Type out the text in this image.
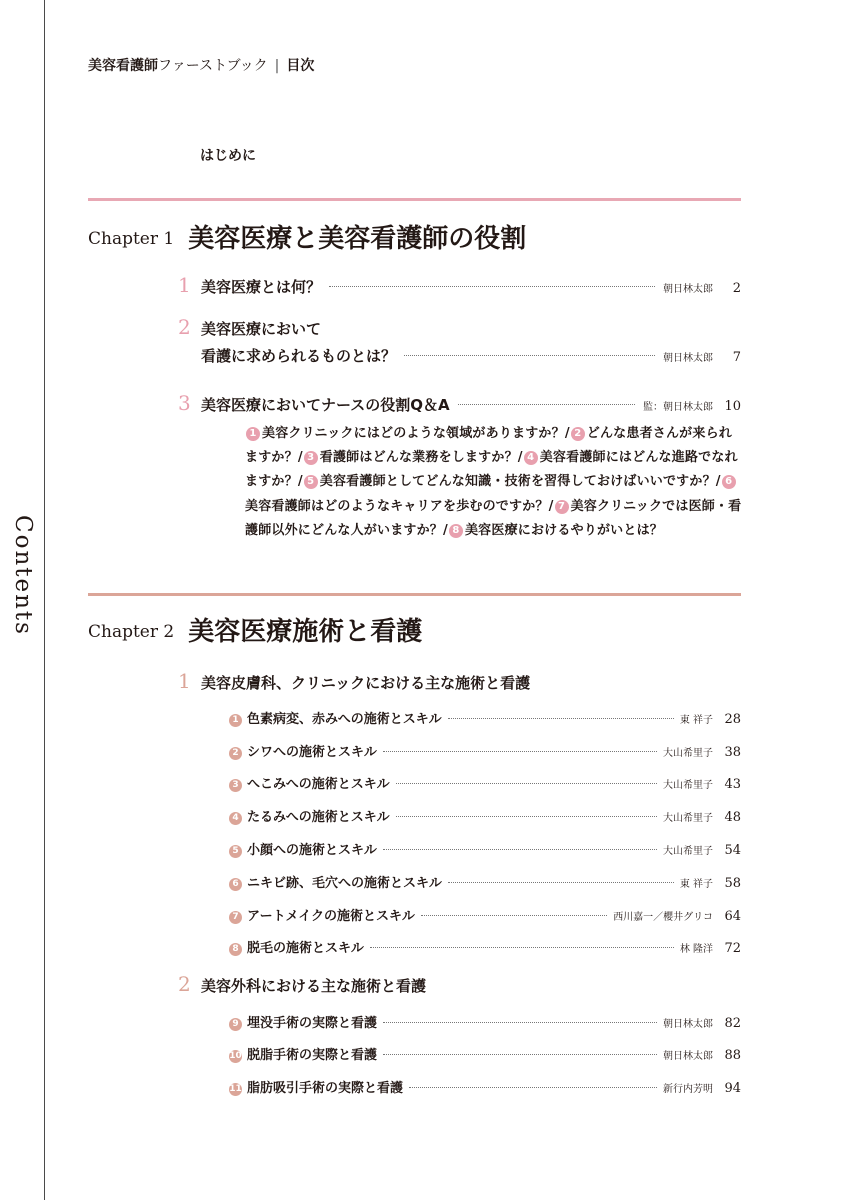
Contents
美容看護師ファーストブック | 目次
はじめに
Chapter 1 美容医療と美容看護師の役割
1 美容医療とは何？	朝日林太郎	2
2 美容医療において
看護に求められるものとは？	朝日林太郎	7
3 美容医療においてナースの役割Q＆A	監：朝日林太郎 10
1 美容クリニックにはどのような領域がありますか？/ 2 どんな患者さんが来られますか？/ 3 看護師はどんな業務をしますか？/ 4 美容看護師にはどんな進路でなれますか？/ 5 美容看護師としてどんな知識・技術を習得しておけばいいですか？/ 6美容看護師はどのようなキャリアを歩むのですか？/ 7 美容クリニックでは医師・看護師以外にどんな人がいますか？/ 8 美容医療におけるやりがいとは？
Chapter 2 美容医療施術と看護
1 美容皮膚科、クリニックにおける主な施術と看護
1 色素病変、赤みへの施術とスキル	東 祥子 28
2 シワへの施術とスキル	大山希里子 38
3 へこみへの施術とスキル	大山希里子 43
4 たるみへの施術とスキル	大山希里子 48
5 小顔への施術とスキル	大山希里子 54
6 ニキビ跡、毛穴への施術とスキル	東 祥子 58
7 アートメイクの施術とスキル	西川嘉一／櫻井グリコ 64
8 脱毛の施術とスキル	林 隆洋 72
2 美容外科における主な施術と看護
9 埋没手術の実際と看護	朝日林太郎 82
10 脱脂手術の実際と看護	朝日林太郎 88
11 脂肪吸引手術の実際と看護	新行内芳明 94
